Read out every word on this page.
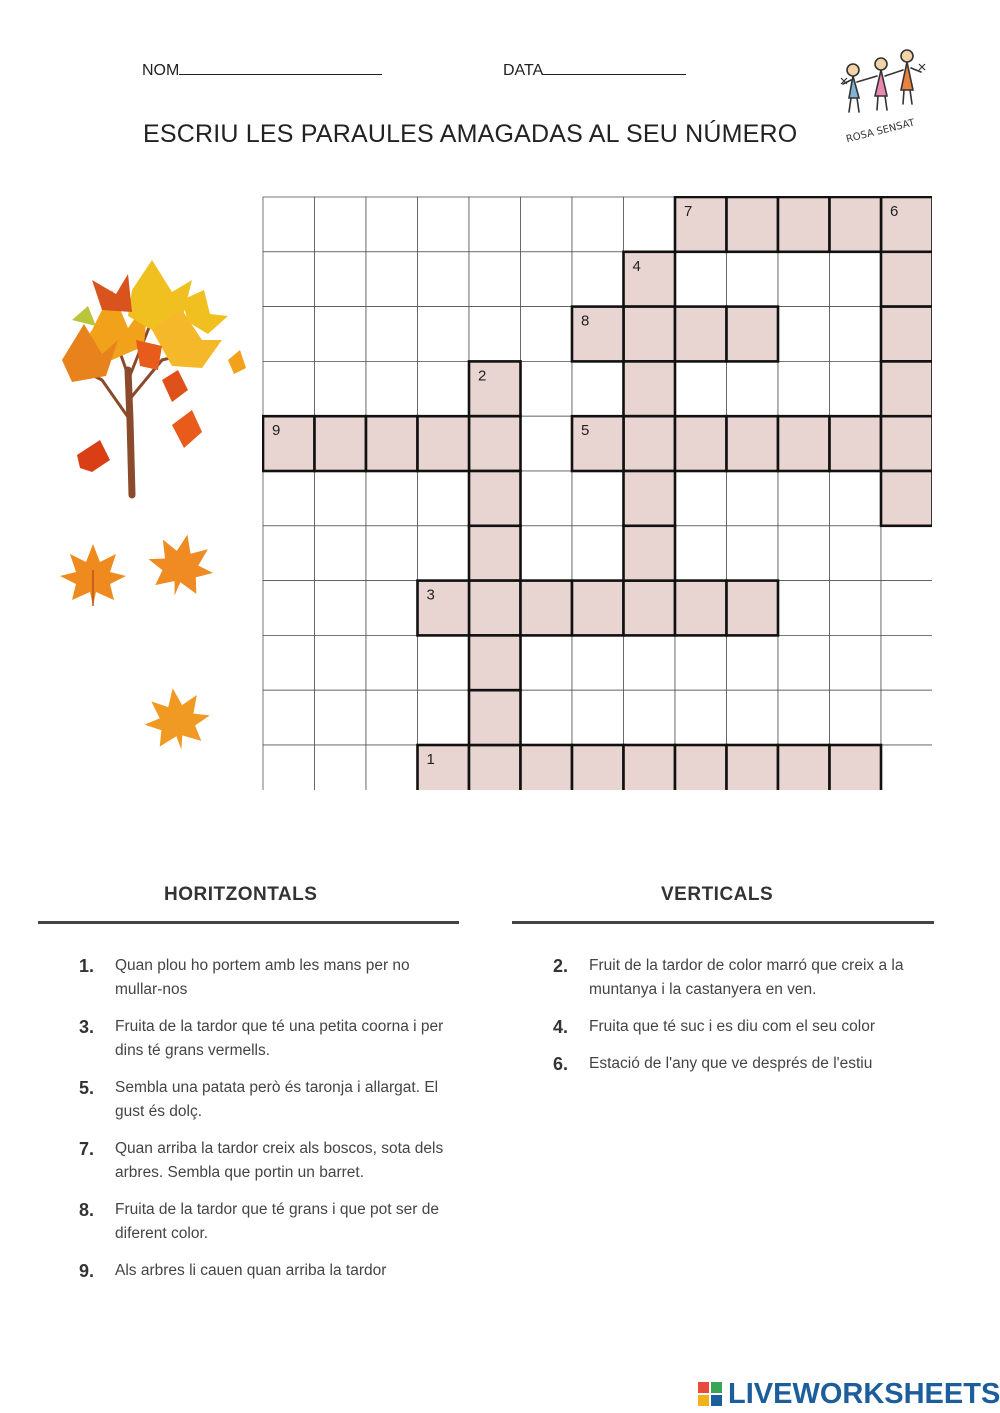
NOM	DATA
ESCRIU LES PARAULES AMAGADAS AL SEU NÚMERO	ROSA SENSAT
1
2
3
4
5
6
7
8
9
HORITZONTALS
1. Quan plou ho portem amb les mans per no mullar-nos
3. Fruita de la tardor que té una petita coorna i per dins té grans vermells.
5. Sembla una patata però és taronja i allargat. El gust és dolç.
7. Quan arriba la tardor creix als boscos, sota dels arbres. Sembla que portin un barret.
8. Fruita de la tardor que té grans i que pot ser de diferent color.
9. Als arbres li cauen quan arriba la tardor
VERTICALS
2. Fruit de la tardor de color marró que creix a la muntanya i la castanyera en ven.
4. Fruita que té suc i es diu com el seu color
6. Estació de l'any que ve després de l'estiu
LIVEWORKSHEETS
